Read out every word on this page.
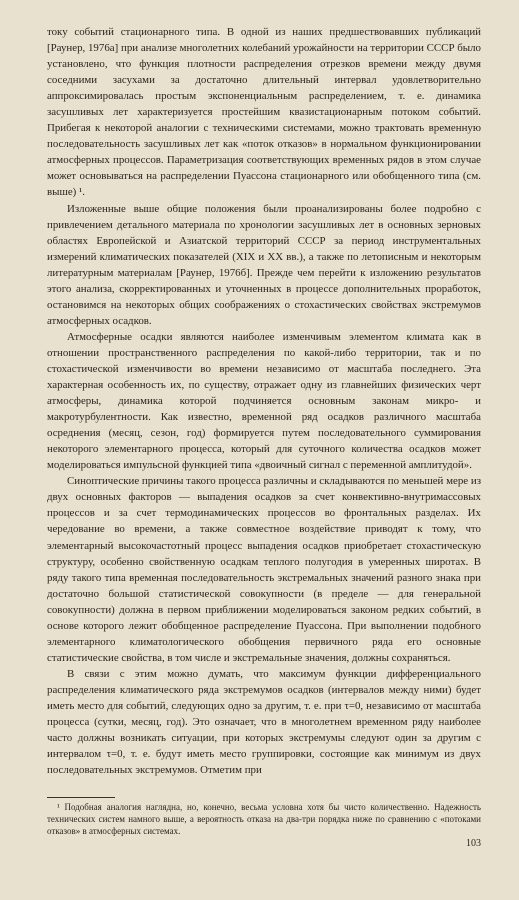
току событий стационарного типа. В одной из наших предшествовавших публикаций [Раунер, 1976а] при анализе многолетних колебаний урожайности на территории СССР было установлено, что функция плотности распределения отрезков времени между двумя соседними засухами за достаточно длительный интервал удовлетворительно аппроксимировалась простым экспоненциальным распределением, т. е. динамика засушливых лет характеризуется простейшим квазистационарным потоком событий. Прибегая к некоторой аналогии с техническими системами, можно трактовать временную последовательность засушливых лет как «поток отказов» в нормальном функционировании атмосферных процессов. Параметризация соответствующих временных рядов в этом случае может основываться на распределении Пуассона стационарного или обобщенного типа (см. выше) ¹.

Изложенные выше общие положения были проанализированы более подробно с привлечением детального материала по хронологии засушливых лет в основных зерновых областях Европейской и Азиатской территорий СССР за период инструментальных измерений климатических показателей (XIX и XX вв.), а также по летописным и некоторым литературным материалам [Раунер, 1976б]. Прежде чем перейти к изложению результатов этого анализа, скорректированных и уточненных в процессе дополнительных проработок, остановимся на некоторых общих соображениях о стохастических свойствах экстремумов атмосферных осадков.

Атмосферные осадки являются наиболее изменчивым элементом климата как в отношении пространственного распределения по какой-либо территории, так и по стохастической изменчивости во времени независимо от масштаба последнего. Эта характерная особенность их, по существу, отражает одну из главнейших физических черт атмосферы, динамика которой подчиняется основным законам микро- и макротурбулентности. Как известно, временной ряд осадков различного масштаба осреднения (месяц, сезон, год) формируется путем последовательного суммирования некоторого элементарного процесса, который для суточного количества осадков может моделироваться импульсной функцией типа «двоичный сигнал с переменной амплитудой».

Синоптические причины такого процесса различны и складываются по меньшей мере из двух основных факторов — выпадения осадков за счет конвективно-внутримассовых процессов и за счет термодинамических процессов во фронтальных разделах. Их чередование во времени, а также совместное воздействие приводят к тому, что элементарный высокочастотный процесс выпадения осадков приобретает стохастическую структуру, особенно свойственную осадкам теплого полугодия в умеренных широтах. В ряду такого типа временная последовательность экстремальных значений разного знака при достаточно большой статистической совокупности (в пределе — для генеральной совокупности) должна в первом приближении моделироваться законом редких событий, в основе которого лежит обобщенное распределение Пуассона. При выполнении подобного элементарного климатологического обобщения первичного ряда его основные статистические свойства, в том числе и экстремальные значения, должны сохраняться.

В связи с этим можно думать, что максимум функции дифференциального распределения климатического ряда экстремумов осадков (интервалов между ними) будет иметь место для событий, следующих одно за другим, т. е. при τ=0, независимо от масштаба процесса (сутки, месяц, год). Это означает, что в многолетнем временном ряду наиболее часто должны возникать ситуации, при которых экстремумы следуют один за другим с интервалом τ=0, т. е. будут иметь место группировки, состоящие как минимум из двух последовательных экстремумов. Отметим при

¹ Подобная аналогия наглядна, но, конечно, весьма условна хотя бы чисто количественно. Надежность технических систем намного выше, а вероятность отказа на два-три порядка ниже по сравнению с «потоками отказов» в атмосферных системах.

103
